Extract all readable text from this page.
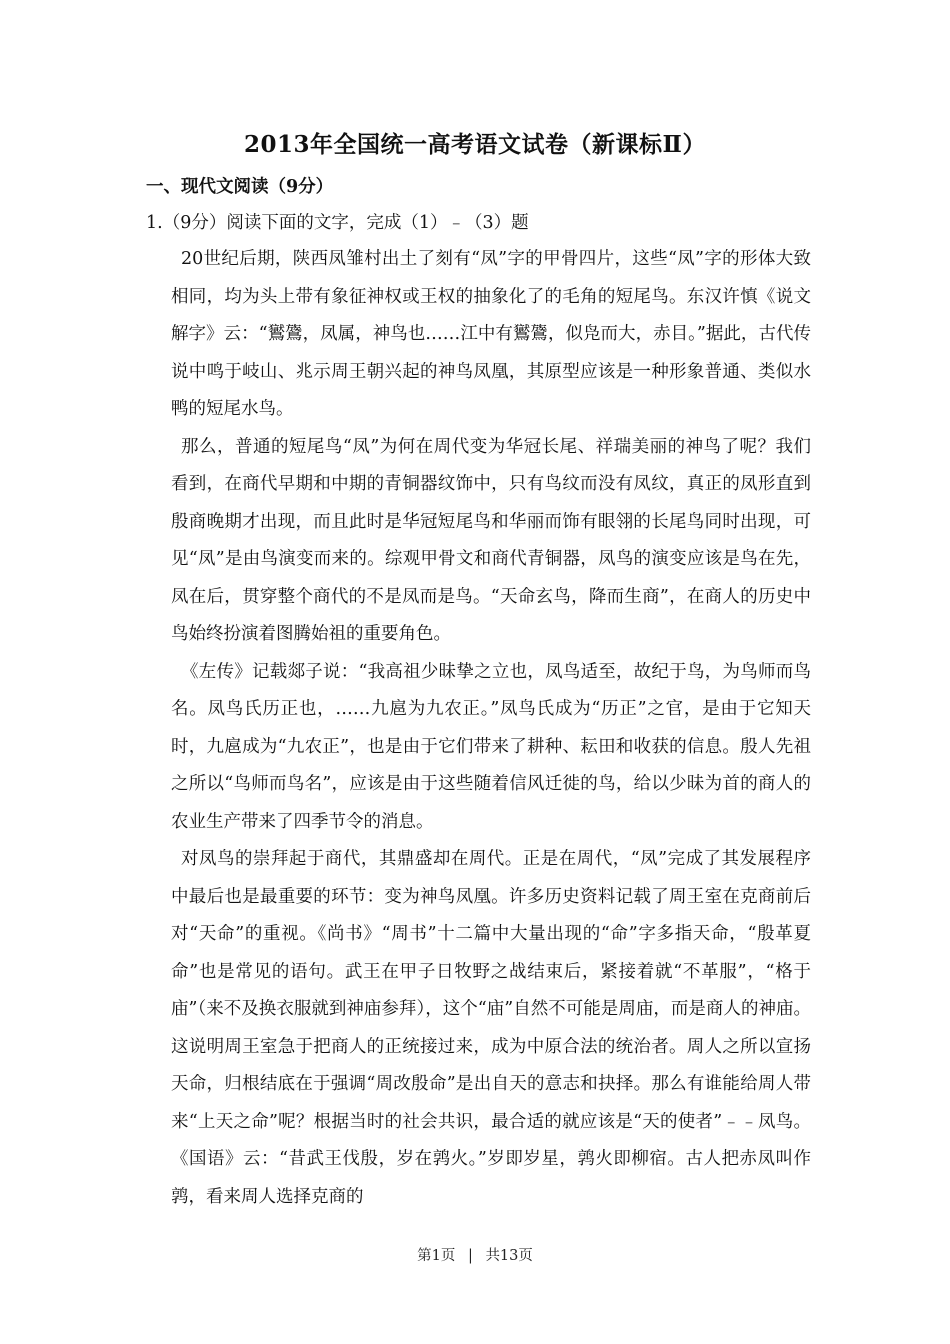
2013年全国统一高考语文试卷（新课标Ⅱ）
一、现代文阅读（9分）
1.（9分）阅读下面的文字，完成（1）﹣（3）题

20世纪后期，陕西凤雏村出土了刻有“凤”字的甲骨四片，这些“凤”字的形体大致相同，均为头上带有象征神权或王权的抽象化了的毛角的短尾鸟。东汉许慎《说文解字》云：“鸑鷟，凤属，神鸟也……江中有鸑鷟，似凫而大，赤目。”据此，古代传说中鸣于岐山、兆示周王朝兴起的神鸟凤凰，其原型应该是一种形象普通、类似水鸭的短尾水鸟。

那么，普通的短尾鸟“凤”为何在周代变为华冠长尾、祥瑞美丽的神鸟了呢？我们看到，在商代早期和中期的青铜器纹饰中，只有鸟纹而没有凤纹，真正的凤形直到殷商晚期才出现，而且此时是华冠短尾鸟和华丽而饰有眼翎的长尾鸟同时出现，可见“凤”是由鸟演变而来的。综观甲骨文和商代青铜器，凤鸟的演变应该是鸟在先，凤在后，贯穿整个商代的不是凤而是鸟。“天命玄鸟，降而生商”，在商人的历史中鸟始终扮演着图腾始祖的重要角色。

《左传》记载郯子说：“我高祖少昧挚之立也，凤鸟适至，故纪于鸟，为鸟师而鸟名。凤鸟氏历正也，……九扈为九农正。”凤鸟氏成为“历正”之官，是由于它知天时，九扈成为“九农正”，也是由于它们带来了耕种、耘田和收获的信息。殷人先祖之所以“鸟师而鸟名”，应该是由于这些随着信风迁徙的鸟，给以少昧为首的商人的农业生产带来了四季节令的消息。

对凤鸟的崇拜起于商代，其鼎盛却在周代。正是在周代，“凤”完成了其发展程序中最后也是最重要的环节：变为神鸟凤凰。许多历史资料记载了周王室在克商前后对“天命”的重视。《尚书》“周书”十二篇中大量出现的“命”字多指天命，“殷革夏命”也是常见的语句。武王在甲子日牧野之战结束后，紧接着就“不革服”，“格于庙”（来不及换衣服就到神庙参拜），这个“庙”自然不可能是周庙，而是商人的神庙。这说明周王室急于把商人的正统接过来，成为中原合法的统治者。周人之所以宣扬天命，归根结底在于强调“周改殷命”是出自天的意志和抉择。那么有谁能给周人带来“上天之命”呢？根据当时的社会共识，最合适的就应该是“天的使者”﹣﹣凤鸟。《国语》云：“昔武王伐殷，岁在鹑火。”岁即岁星，鹑火即柳宿。古人把赤凤叫作鹑，看来周人选择克商的

第1页 | 共13页
